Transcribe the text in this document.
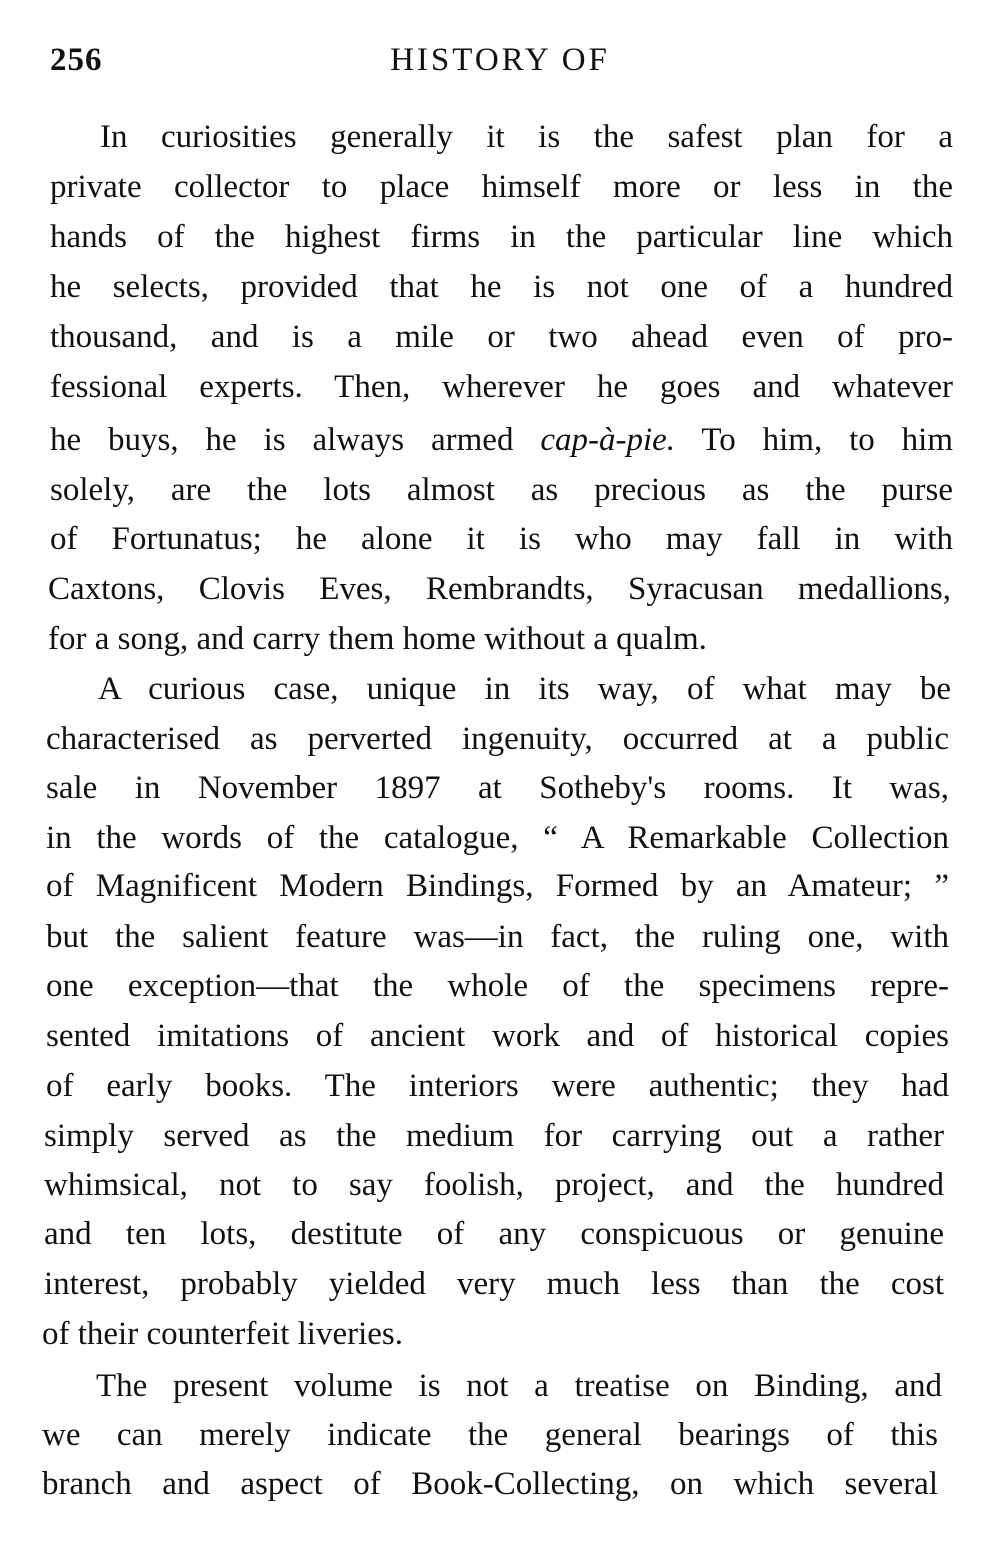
256	HISTORY OF
In curiosities generally it is the safest plan for a
private collector to place himself more or less in the
hands of the highest firms in the particular line which
he selects, provided that he is not one of a hundred
thousand, and is a mile or two ahead even of pro-
fessional experts. Then, wherever he goes and whatever
he buys, he is always armed cap-à-pie. To him, to him
solely, are the lots almost as precious as the purse
of Fortunatus; he alone it is who may fall in with
Caxtons, Clovis Eves, Rembrandts, Syracusan medallions,
for a song, and carry them home without a qualm.
A curious case, unique in its way, of what may be
characterised as perverted ingenuity, occurred at a public
sale in November 1897 at Sotheby's rooms. It was,
in the words of the catalogue, “ A Remarkable Collection
of Magnificent Modern Bindings, Formed by an Amateur; ”
but the salient feature was—in fact, the ruling one, with
one exception—that the whole of the specimens repre-
sented imitations of ancient work and of historical copies
of early books. The interiors were authentic; they had
simply served as the medium for carrying out a rather
whimsical, not to say foolish, project, and the hundred
and ten lots, destitute of any conspicuous or genuine
interest, probably yielded very much less than the cost
of their counterfeit liveries.
The present volume is not a treatise on Binding, and
we can merely indicate the general bearings of this
branch and aspect of Book-Collecting, on which several
